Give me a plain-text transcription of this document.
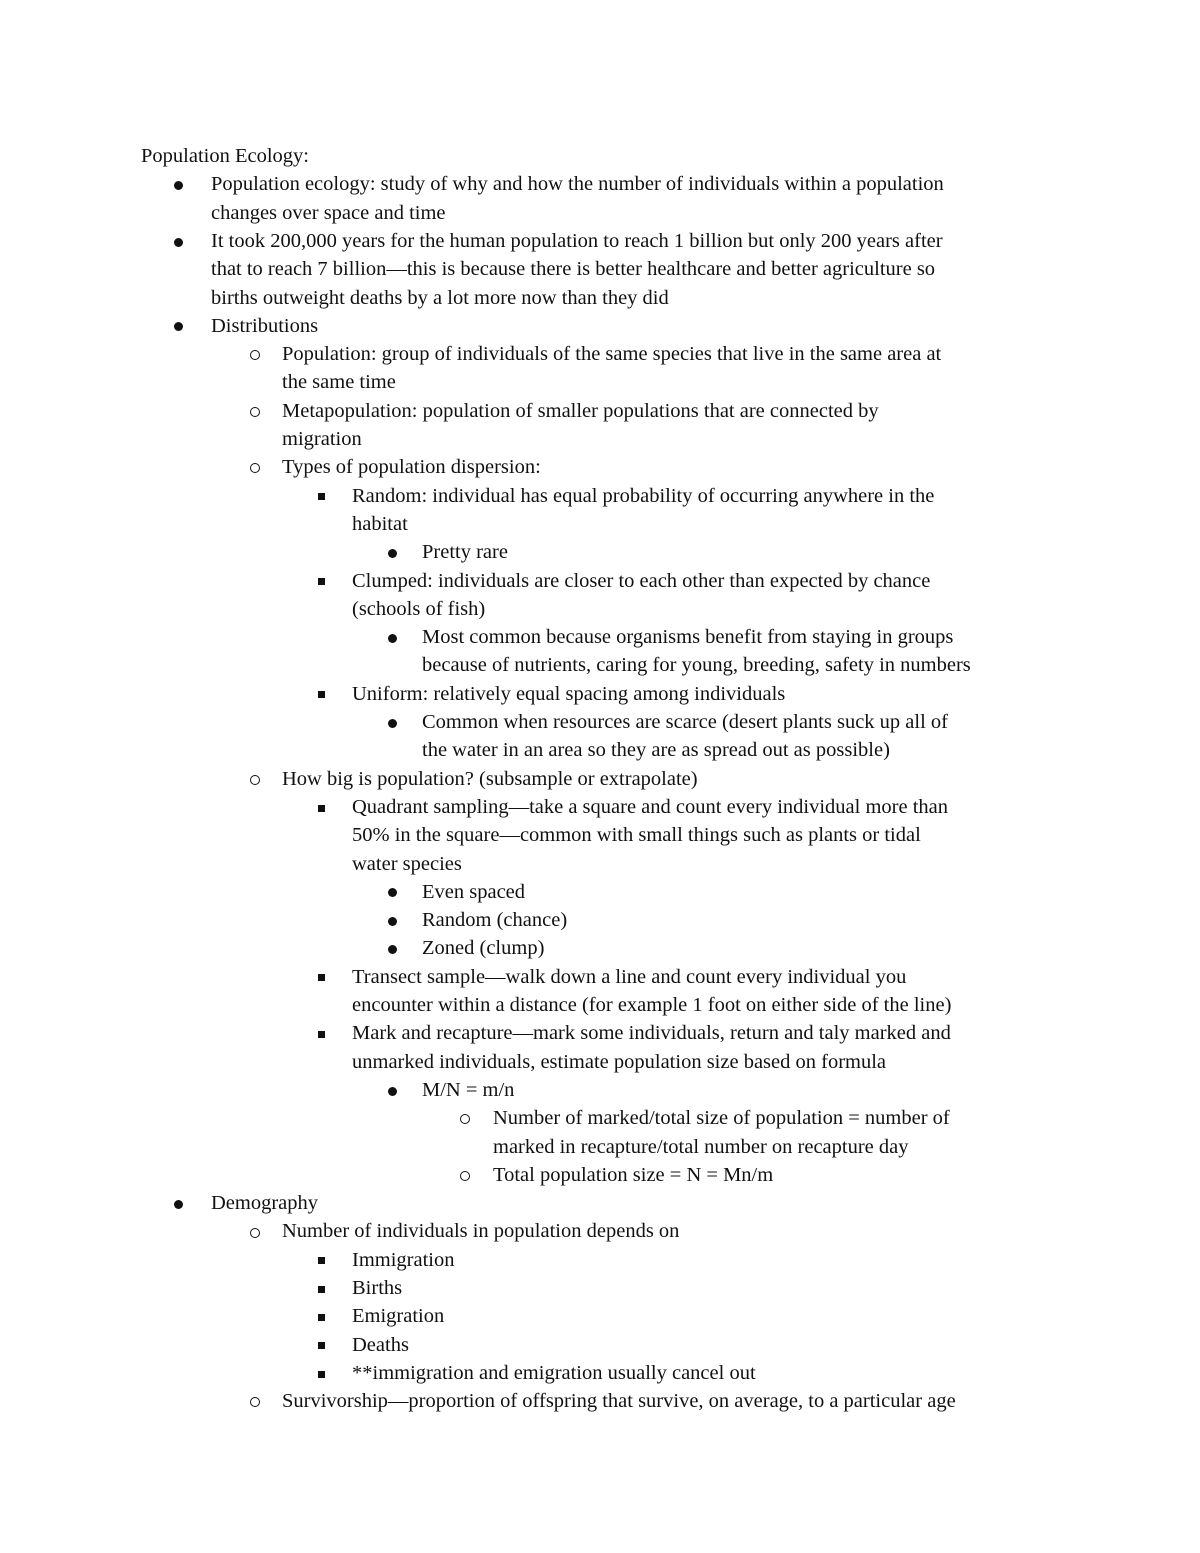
Population Ecology:

Population ecology: study of why and how the number of individuals within a population

changes over space and time

It took 200,000 years for the human population to reach 1 billion but only 200 years after

that to reach 7 billion—this is because there is better healthcare and better agriculture so

births outweight deaths by a lot more now than they did

Distributions

Population: group of individuals of the same species that live in the same area at

the same time

Metapopulation: population of smaller populations that are connected by

migration

Types of population dispersion:

Random: individual has equal probability of occurring anywhere in the

habitat

Pretty rare

Clumped: individuals are closer to each other than expected by chance

(schools of fish)

Most common because organisms benefit from staying in groups

because of nutrients, caring for young, breeding, safety in numbers

Uniform: relatively equal spacing among individuals

Common when resources are scarce (desert plants suck up all of

the water in an area so they are as spread out as possible)

How big is population? (subsample or extrapolate)

Quadrant sampling—take a square and count every individual more than

50% in the square—common with small things such as plants or tidal

water species

Even spaced

Random (chance)

Zoned (clump)

Transect sample—walk down a line and count every individual you

encounter within a distance (for example 1 foot on either side of the line)

Mark and recapture—mark some individuals, return and taly marked and

unmarked individuals, estimate population size based on formula

M/N = m/n

Number of marked/total size of population = number of

marked in recapture/total number on recapture day

Total population size = N = Mn/m

Demography

Number of individuals in population depends on

Immigration

Births

Emigration

Deaths

**immigration and emigration usually cancel out

Survivorship—proportion of offspring that survive, on average, to a particular age
